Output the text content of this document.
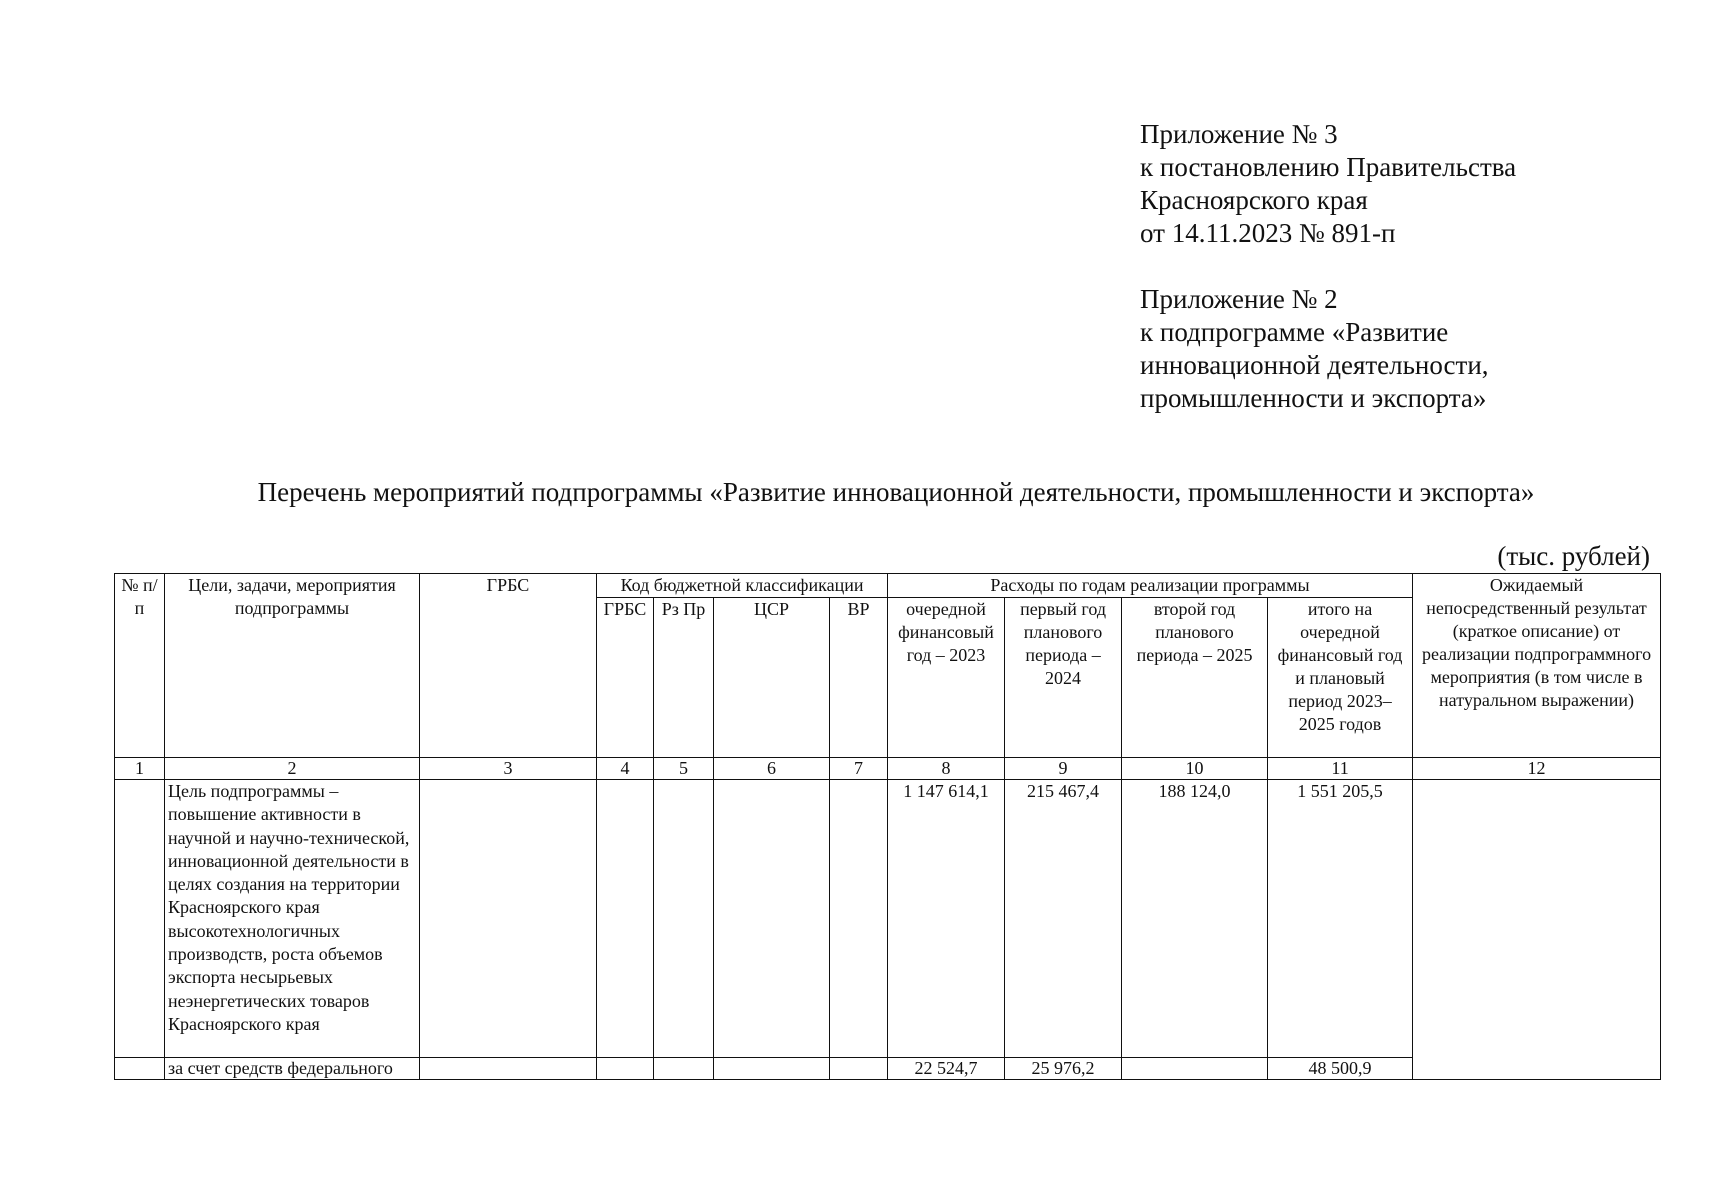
Приложение № 3
к постановлению Правительства
Красноярского края
от 14.11.2023 № 891-п
Приложение № 2
к подпрограмме «Развитие
инновационной деятельности,
промышленности и экспорта»
Перечень мероприятий подпрограммы «Развитие инновационной деятельности, промышленности и экспорта»
(тыс. рублей)
№ п/п	Цели, задачи, мероприятия подпрограммы	ГРБС	Код бюджетной классификации				Расходы по годам реализации программы				Ожидаемый непосредственный результат (краткое описание) от реализации подпрограммного мероприятия (в том числе в натуральном выражении)
			ГРБС	Рз Пр	ЦСР	ВР	очередной финансовый год – 2023	первый год планового периода – 2024	второй год планового периода – 2025	итого на очередной финансовый год и плановый период 2023–2025 годов	
1	2	3	4	5	6	7	8	9	10	11	12
	Цель подпрограммы – повышение активности в научной и научно-технической, инновационной деятельности в целях создания на территории Красноярского края высокотехнологичных производств, роста объемов экспорта несырьевых неэнергетических товаров Красноярского края						1 147 614,1	215 467,4	188 124,0	1 551 205,5	
	за счет средств федерального						22 524,7	25 976,2		48 500,9	
